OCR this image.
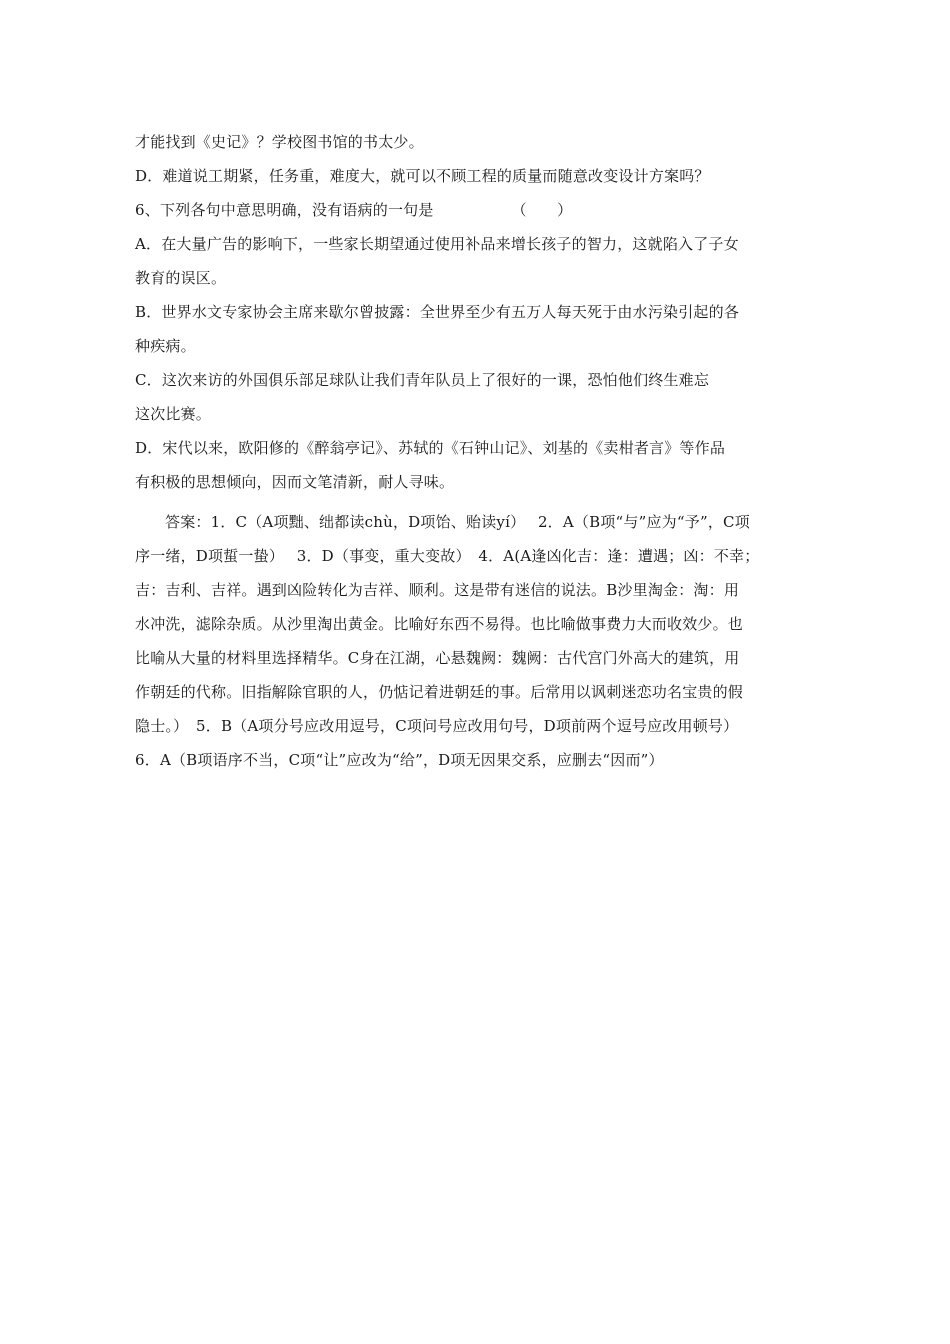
才能找到《史记》？学校图书馆的书太少。
D．难道说工期紧，任务重，难度大，就可以不顾工程的质量而随意改变设计方案吗？
6、下列各句中意思明确，没有语病的一句是	（　　）
A．在大量广告的影响下，一些家长期望通过使用补品来增长孩子的智力，这就陷入了子女
教育的误区。
B．世界水文专家协会主席来歇尔曾披露：全世界至少有五万人每天死于由水污染引起的各
种疾病。
C．这次来访的外国俱乐部足球队让我们青年队员上了很好的一课，恐怕他们终生难忘
这次比赛。
D．宋代以来，欧阳修的《醉翁亭记》、苏轼的《石钟山记》、刘基的《卖柑者言》等作品
有积极的思想倾向，因而文笔清新，耐人寻味。
答案：1．C（A项黜、绌都读chù，D项饴、贻读yí）　 2．A（B项“与”应为“予”，C项
序一绪，D项蜇一蛰）　 3．D（事变，重大变故）　4．A(A逢凶化吉：逢：遭遇；凶：不幸；
吉：吉利、吉祥。遇到凶险转化为吉祥、顺利。这是带有迷信的说法。B沙里淘金：淘：用
水冲洗，滤除杂质。从沙里淘出黄金。比喻好东西不易得。也比喻做事费力大而收效少。也
比喻从大量的材料里选择精华。C身在江湖，心悬魏阙：魏阙：古代宫门外高大的建筑，用
作朝廷的代称。旧指解除官职的人，仍惦记着进朝廷的事。后常用以讽刺迷恋功名宝贵的假
隐士。）　5．B（A项分号应改用逗号，C项问号应改用句号，D项前两个逗号应改用顿号）
6．A（B项语序不当，C项“让”应改为“给”，D项无因果交系，应删去“因而”）
